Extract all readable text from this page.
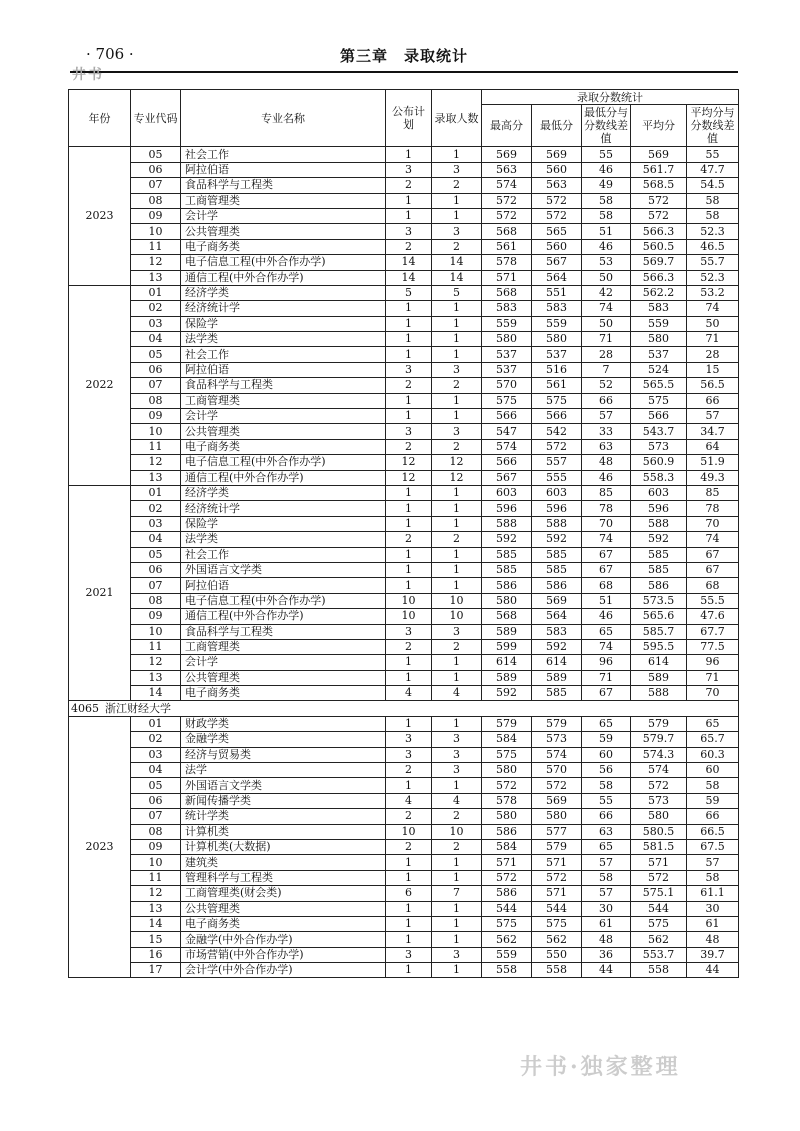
· 706 ·	第三章　录取统计
井书
年份	专业代码	专业名称	公布计划	录取人数	录取分数统计				
					最高分	最低分	最低分与分数线差值	平均分	平均分与分数线差值
2023	05	社会工作	1	1	569	569	55	569	55
	06	阿拉伯语	3	3	563	560	46	561.7	47.7
	07	食品科学与工程类	2	2	574	563	49	568.5	54.5
	08	工商管理类	1	1	572	572	58	572	58
	09	会计学	1	1	572	572	58	572	58
	10	公共管理类	3	3	568	565	51	566.3	52.3
	11	电子商务类	2	2	561	560	46	560.5	46.5
	12	电子信息工程(中外合作办学)	14	14	578	567	53	569.7	55.7
	13	通信工程(中外合作办学)	14	14	571	564	50	566.3	52.3
2022	01	经济学类	5	5	568	551	42	562.2	53.2
	02	经济统计学	1	1	583	583	74	583	74
	03	保险学	1	1	559	559	50	559	50
	04	法学类	1	1	580	580	71	580	71
	05	社会工作	1	1	537	537	28	537	28
	06	阿拉伯语	3	3	537	516	7	524	15
	07	食品科学与工程类	2	2	570	561	52	565.5	56.5
	08	工商管理类	1	1	575	575	66	575	66
	09	会计学	1	1	566	566	57	566	57
	10	公共管理类	3	3	547	542	33	543.7	34.7
	11	电子商务类	2	2	574	572	63	573	64
	12	电子信息工程(中外合作办学)	12	12	566	557	48	560.9	51.9
	13	通信工程(中外合作办学)	12	12	567	555	46	558.3	49.3
2021	01	经济学类	1	1	603	603	85	603	85
	02	经济统计学	1	1	596	596	78	596	78
	03	保险学	1	1	588	588	70	588	70
	04	法学类	2	2	592	592	74	592	74
	05	社会工作	1	1	585	585	67	585	67
	06	外国语言文学类	1	1	585	585	67	585	67
	07	阿拉伯语	1	1	586	586	68	586	68
	08	电子信息工程(中外合作办学)	10	10	580	569	51	573.5	55.5
	09	通信工程(中外合作办学)	10	10	568	564	46	565.6	47.6
	10	食品科学与工程类	3	3	589	583	65	585.7	67.7
	11	工商管理类	2	2	599	592	74	595.5	77.5
	12	会计学	1	1	614	614	96	614	96
	13	公共管理类	1	1	589	589	71	589	71
	14	电子商务类	4	4	592	585	67	588	70
4065 浙江财经大学									
2023	01	财政学类	1	1	579	579	65	579	65
	02	金融学类	3	3	584	573	59	579.7	65.7
	03	经济与贸易类	3	3	575	574	60	574.3	60.3
	04	法学	2	3	580	570	56	574	60
	05	外国语言文学类	1	1	572	572	58	572	58
	06	新闻传播学类	4	4	578	569	55	573	59
	07	统计学类	2	2	580	580	66	580	66
	08	计算机类	10	10	586	577	63	580.5	66.5
	09	计算机类(大数据)	2	2	584	579	65	581.5	67.5
	10	建筑类	1	1	571	571	57	571	57
	11	管理科学与工程类	1	1	572	572	58	572	58
	12	工商管理类(财会类)	6	7	586	571	57	575.1	61.1
	13	公共管理类	1	1	544	544	30	544	30
	14	电子商务类	1	1	575	575	61	575	61
	15	金融学(中外合作办学)	1	1	562	562	48	562	48
	16	市场营销(中外合作办学)	3	3	559	550	36	553.7	39.7
	17	会计学(中外合作办学)	1	1	558	558	44	558	44
井书·独家整理
